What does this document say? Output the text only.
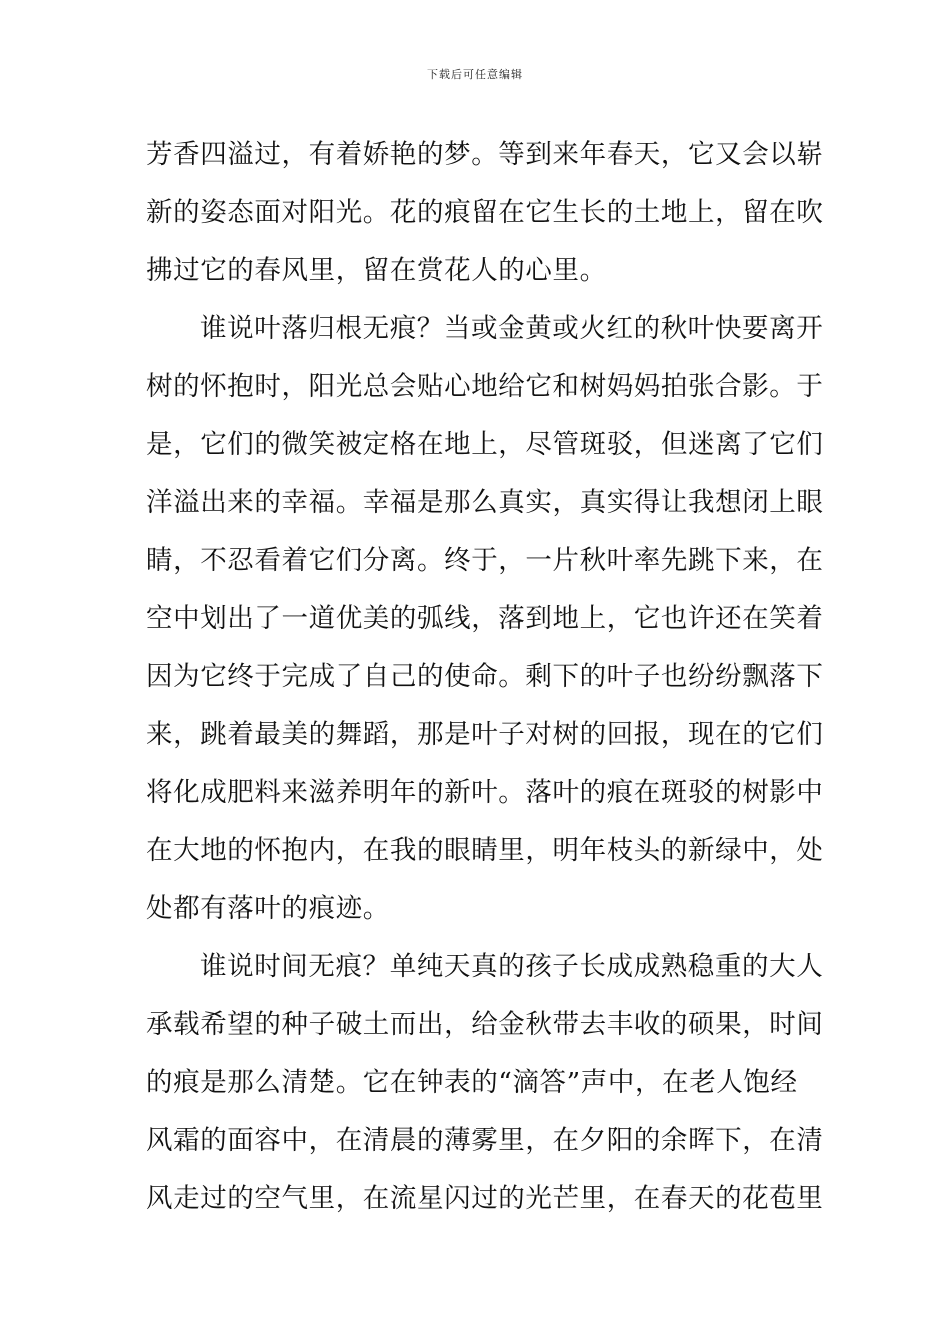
下载后可任意编辑
芳香四溢过，有着娇艳的梦。等到来年春天，它又会以崭
新的姿态面对阳光。花的痕留在它生长的土地上，留在吹
拂过它的春风里，留在赏花人的心里。
谁说叶落归根无痕？当或金黄或火红的秋叶快要离开
树的怀抱时，阳光总会贴心地给它和树妈妈拍张合影。于
是，它们的微笑被定格在地上，尽管斑驳，但迷离了它们
洋溢出来的幸福。幸福是那么真实，真实得让我想闭上眼
睛，不忍看着它们分离。终于，一片秋叶率先跳下来，在
空中划出了一道优美的弧线，落到地上，它也许还在笑着
因为它终于完成了自己的使命。剩下的叶子也纷纷飘落下
来，跳着最美的舞蹈，那是叶子对树的回报，现在的它们
将化成肥料来滋养明年的新叶。落叶的痕在斑驳的树影中
在大地的怀抱内，在我的眼睛里，明年枝头的新绿中，处
处都有落叶的痕迹。
谁说时间无痕？单纯天真的孩子长成成熟稳重的大人
承载希望的种子破土而出，给金秋带去丰收的硕果，时间
的痕是那么清楚。它在钟表的“滴答”声中，在老人饱经
风霜的面容中，在清晨的薄雾里，在夕阳的余晖下，在清
风走过的空气里，在流星闪过的光芒里，在春天的花苞里
